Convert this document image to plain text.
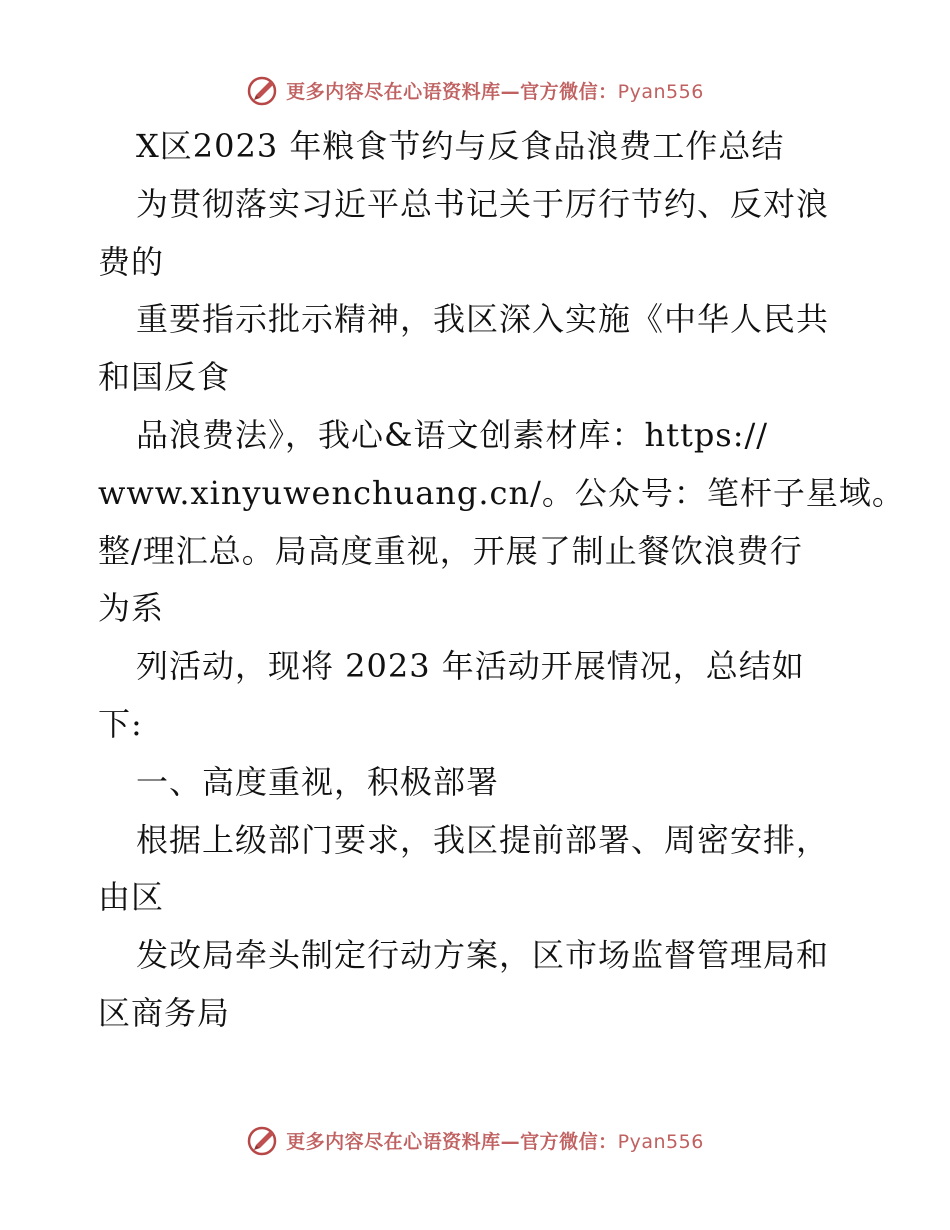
更多内容尽在心语资料库—官方微信：Pyan556
X区2023 年粮食节约与反食品浪费工作总结
为贯彻落实习近平总书记关于厉行节约、反对浪
费的
重要指示批示精神，我区深入实施《中华人民共
和国反食
品浪费法》，我心&语文创素材库：https://
www.xinyuwenchuang.cn/。公众号：笔杆子星域。
整/理汇总。局高度重视，开展了制止餐饮浪费行
为系
列活动，现将 2023 年活动开展情况，总结如
下:
一、高度重视，积极部署
根据上级部门要求，我区提前部署、周密安排，
由区
发改局牵头制定行动方案，区市场监督管理局和
区商务局
更多内容尽在心语资料库—官方微信：Pyan556
